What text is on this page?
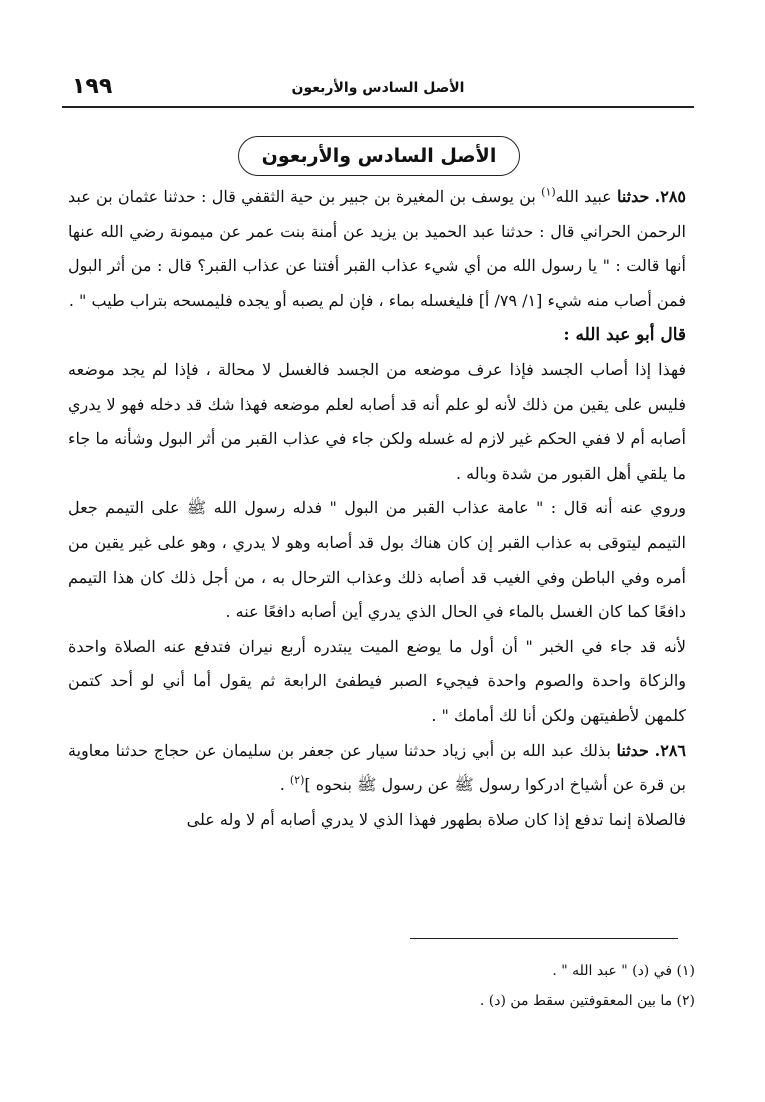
١٩٩	الأصل السادس والأربعون
الأصل السادس والأربعون

٢٨٥. حدثنا عبيد الله$^{(١)}$ بن يوسف بن المغيرة بن جبير بن حية الثقفي قال : حدثنا عثمان بن عبد الرحمن الحراني قال : حدثنا عبد الحميد بن يزيد عن أمنة بنت عمر عن ميمونة رضي الله عنها أنها قالت : " يا رسول الله من أي شيء عذاب القبر أفتنا عن عذاب القبر؟ قال : من أثر البول فمن أصاب منه شيء [١/ ٧٩/ أ] فليغسله بماء ، فإن لم يصبه أو يجده فليمسحه بتراب طيب " .

قال أبو عبد الله :

فهذا إذا أصاب الجسد فإذا عرف موضعه من الجسد فالغسل لا محالة ، فإذا لم يجد موضعه فليس على يقين من ذلك لأنه لو علم أنه قد أصابه لعلم موضعه فهذا شك قد دخله فهو لا يدري أصابه أم لا ففي الحكم غير لازم له غسله ولكن جاء في عذاب القبر من أثر البول وشأنه ما جاء ما يلقي أهل القبور من شدة وباله .

وروي عنه أنه قال : " عامة عذاب القبر من البول " فدله رسول الله ﷺ على التيمم جعل التيمم ليتوقى به عذاب القبر إن كان هناك بول قد أصابه وهو لا يدري ، وهو على غير يقين من أمره وفي الباطن وفي الغيب قد أصابه ذلك وعذاب الترحال به ، من أجل ذلك كان هذا التيمم دافعًا كما كان الغسل بالماء في الحال الذي يدري أين أصابه دافعًا عنه .

لأنه قد جاء في الخبر " أن أول ما يوضع الميت يبتدره أربع نيران فتدفع عنه الصلاة واحدة والزكاة واحدة والصوم واحدة فيجيء الصبر فيطفئ الرابعة ثم يقول أما أني لو أحد كتمن كلمهن لأطفيتهن ولكن أنا لك أمامك " .

٢٨٦. حدثنا بذلك عبد الله بن أبي زياد حدثنا سيار عن جعفر بن سليمان عن حجاج حدثنا معاوية بن قرة عن أشياخ ادركوا رسول ﷺ عن رسول ﷺ بنحوه ]$^{(٢)}$ .

فالصلاة إنما تدفع إذا كان صلاة بطهور فهذا الذي لا يدري أصابه أم لا وله على

(١) في (د) " عبد الله " .

(٢) ما بين المعقوفتين سقط من (د) .
